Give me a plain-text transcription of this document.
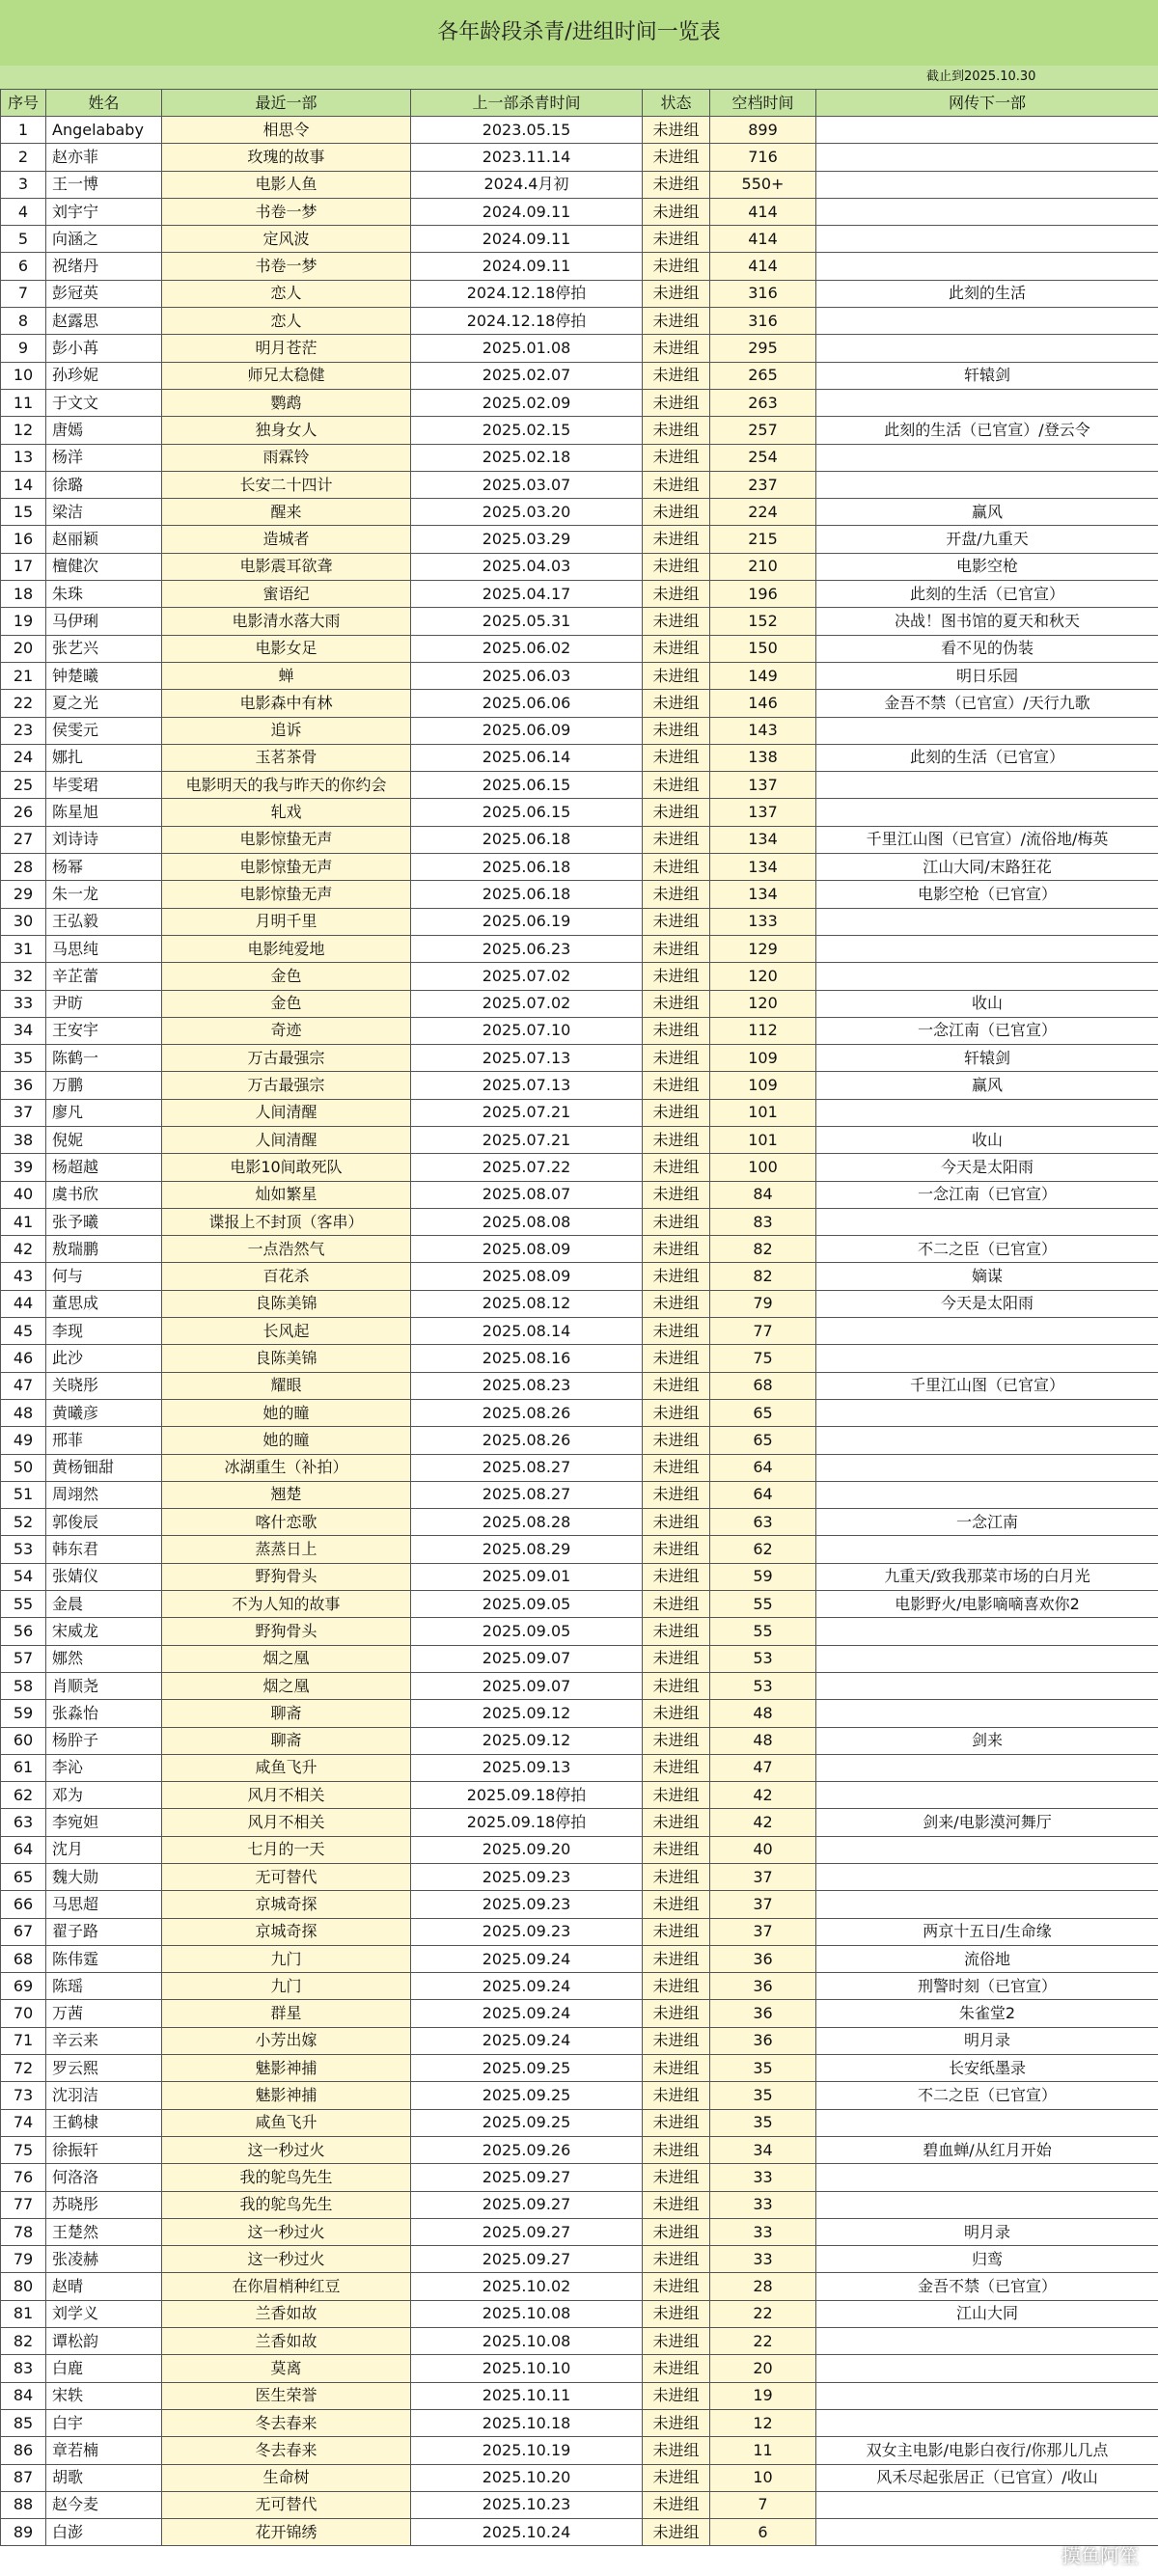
各年龄段杀青/进组时间一览表
截止到2025.10.30
序号	姓名	最近一部	上一部杀青时间	状态	空档时间	网传下一部
1	Angelababy	相思令	2023.05.15	未进组	899	
2	赵亦菲	玫瑰的故事	2023.11.14	未进组	716	
3	王一博	电影人鱼	2024.4月初	未进组	550+	
4	刘宇宁	书卷一梦	2024.09.11	未进组	414	
5	向涵之	定风波	2024.09.11	未进组	414	
6	祝绪丹	书卷一梦	2024.09.11	未进组	414	
7	彭冠英	恋人	2024.12.18停拍	未进组	316	此刻的生活
8	赵露思	恋人	2024.12.18停拍	未进组	316	
9	彭小苒	明月苍茫	2025.01.08	未进组	295	
10	孙珍妮	师兄太稳健	2025.02.07	未进组	265	轩辕剑
11	于文文	鹦鹉	2025.02.09	未进组	263	
12	唐嫣	独身女人	2025.02.15	未进组	257	此刻的生活（已官宣）/登云令
13	杨洋	雨霖铃	2025.02.18	未进组	254	
14	徐璐	长安二十四计	2025.03.07	未进组	237	
15	梁洁	醒来	2025.03.20	未进组	224	赢风
16	赵丽颖	造城者	2025.03.29	未进组	215	开盘/九重天
17	檀健次	电影震耳欲聋	2025.04.03	未进组	210	电影空枪
18	朱珠	蜜语纪	2025.04.17	未进组	196	此刻的生活（已官宣）
19	马伊琍	电影清水落大雨	2025.05.31	未进组	152	决战！图书馆的夏天和秋天
20	张艺兴	电影女足	2025.06.02	未进组	150	看不见的伪装
21	钟楚曦	蝉	2025.06.03	未进组	149	明日乐园
22	夏之光	电影森中有林	2025.06.06	未进组	146	金吾不禁（已官宣）/天行九歌
23	侯雯元	追诉	2025.06.09	未进组	143	
24	娜扎	玉茗茶骨	2025.06.14	未进组	138	此刻的生活（已官宣）
25	毕雯珺	电影明天的我与昨天的你约会	2025.06.15	未进组	137	
26	陈星旭	轧戏	2025.06.15	未进组	137	
27	刘诗诗	电影惊蛰无声	2025.06.18	未进组	134	千里江山图（已官宣）/流俗地/梅英
28	杨幂	电影惊蛰无声	2025.06.18	未进组	134	江山大同/末路狂花
29	朱一龙	电影惊蛰无声	2025.06.18	未进组	134	电影空枪（已官宣）
30	王弘毅	月明千里	2025.06.19	未进组	133	
31	马思纯	电影纯爱地	2025.06.23	未进组	129	
32	辛芷蕾	金色	2025.07.02	未进组	120	
33	尹昉	金色	2025.07.02	未进组	120	收山
34	王安宇	奇迹	2025.07.10	未进组	112	一念江南（已官宣）
35	陈鹤一	万古最强宗	2025.07.13	未进组	109	轩辕剑
36	万鹏	万古最强宗	2025.07.13	未进组	109	赢风
37	廖凡	人间清醒	2025.07.21	未进组	101	
38	倪妮	人间清醒	2025.07.21	未进组	101	收山
39	杨超越	电影10间敢死队	2025.07.22	未进组	100	今天是太阳雨
40	虞书欣	灿如繁星	2025.08.07	未进组	84	一念江南（已官宣）
41	张予曦	谍报上不封顶（客串）	2025.08.08	未进组	83	
42	敖瑞鹏	一点浩然气	2025.08.09	未进组	82	不二之臣（已官宣）
43	何与	百花杀	2025.08.09	未进组	82	嫡谋
44	董思成	良陈美锦	2025.08.12	未进组	79	今天是太阳雨
45	李现	长风起	2025.08.14	未进组	77	
46	此沙	良陈美锦	2025.08.16	未进组	75	
47	关晓彤	耀眼	2025.08.23	未进组	68	千里江山图（已官宣）
48	黄曦彦	她的瞳	2025.08.26	未进组	65	
49	邢菲	她的瞳	2025.08.26	未进组	65	
50	黄杨钿甜	冰湖重生（补拍）	2025.08.27	未进组	64	
51	周翊然	翘楚	2025.08.27	未进组	64	
52	郭俊辰	喀什恋歌	2025.08.28	未进组	63	一念江南
53	韩东君	蒸蒸日上	2025.08.29	未进组	62	
54	张婧仪	野狗骨头	2025.09.01	未进组	59	九重天/致我那菜市场的白月光
55	金晨	不为人知的故事	2025.09.05	未进组	55	电影野火/电影嘀嘀喜欢你2
56	宋威龙	野狗骨头	2025.09.05	未进组	55	
57	娜然	烟之凰	2025.09.07	未进组	53	
58	肖顺尧	烟之凰	2025.09.07	未进组	53	
59	张淼怡	聊斋	2025.09.12	未进组	48	
60	杨肸子	聊斋	2025.09.12	未进组	48	剑来
61	李沁	咸鱼飞升	2025.09.13	未进组	47	
62	邓为	风月不相关	2025.09.18停拍	未进组	42	
63	李宛妲	风月不相关	2025.09.18停拍	未进组	42	剑来/电影漠河舞厅
64	沈月	七月的一天	2025.09.20	未进组	40	
65	魏大勋	无可替代	2025.09.23	未进组	37	
66	马思超	京城奇探	2025.09.23	未进组	37	
67	翟子路	京城奇探	2025.09.23	未进组	37	两京十五日/生命缘
68	陈伟霆	九门	2025.09.24	未进组	36	流俗地
69	陈瑶	九门	2025.09.24	未进组	36	刑警时刻（已官宣）
70	万茜	群星	2025.09.24	未进组	36	朱雀堂2
71	辛云来	小芳出嫁	2025.09.24	未进组	36	明月录
72	罗云熙	魅影神捕	2025.09.25	未进组	35	长安纸墨录
73	沈羽洁	魅影神捕	2025.09.25	未进组	35	不二之臣（已官宣）
74	王鹤棣	咸鱼飞升	2025.09.25	未进组	35	
75	徐振轩	这一秒过火	2025.09.26	未进组	34	碧血蝉/从红月开始
76	何洛洛	我的鸵鸟先生	2025.09.27	未进组	33	
77	苏晓彤	我的鸵鸟先生	2025.09.27	未进组	33	
78	王楚然	这一秒过火	2025.09.27	未进组	33	明月录
79	张凌赫	这一秒过火	2025.09.27	未进组	33	归鸾
80	赵晴	在你眉梢种红豆	2025.10.02	未进组	28	金吾不禁（已官宣）
81	刘学义	兰香如故	2025.10.08	未进组	22	江山大同
82	谭松韵	兰香如故	2025.10.08	未进组	22	
83	白鹿	莫离	2025.10.10	未进组	20	
84	宋轶	医生荣誉	2025.10.11	未进组	19	
85	白宇	冬去春来	2025.10.18	未进组	12	
86	章若楠	冬去春来	2025.10.19	未进组	11	双女主电影/电影白夜行/你那儿几点
87	胡歌	生命树	2025.10.20	未进组	10	风禾尽起张居正（已官宣）/收山
88	赵今麦	无可替代	2025.10.23	未进组	7	
89	白澎	花开锦绣	2025.10.24	未进组	6	
摸鱼阿笙
